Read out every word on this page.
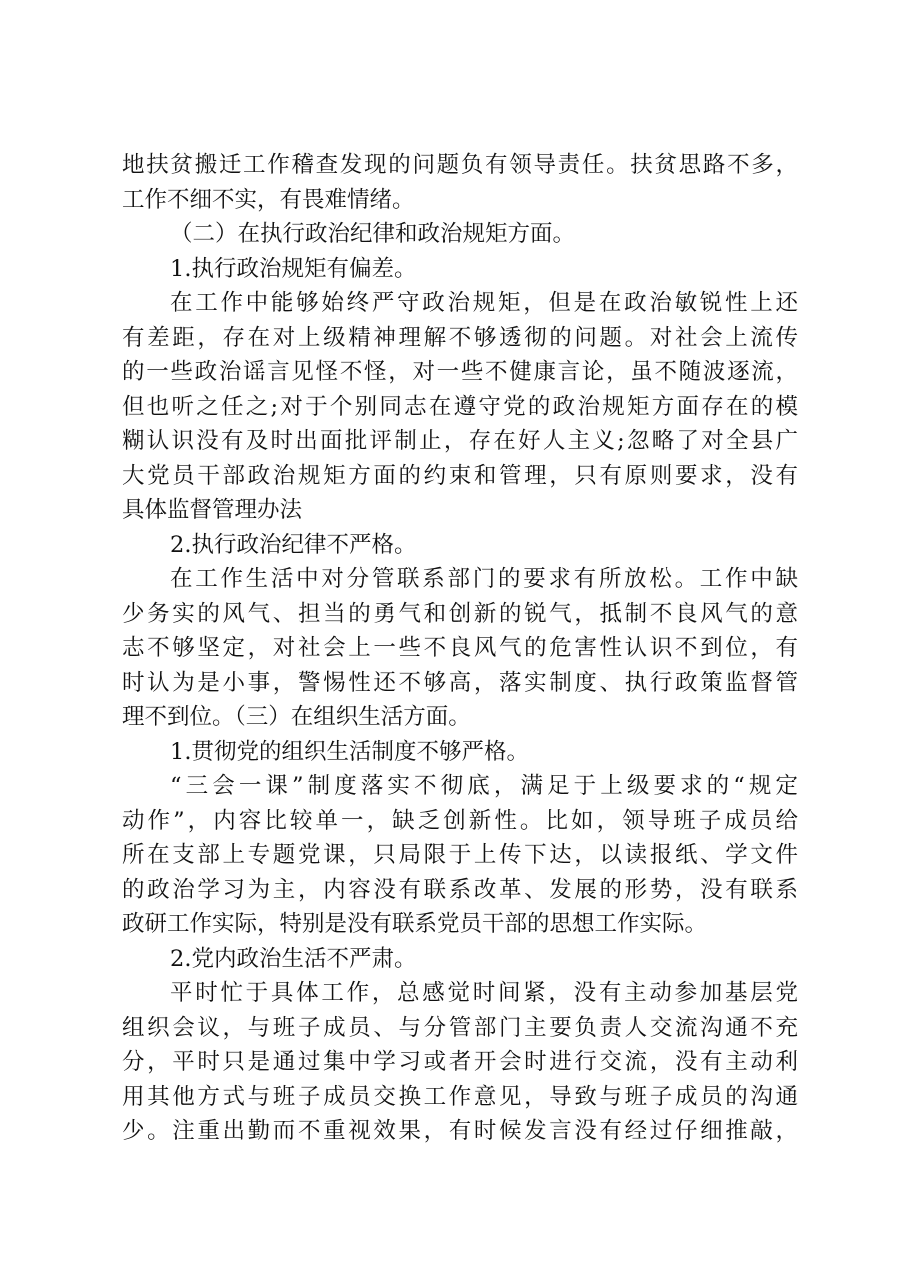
地扶贫搬迁工作稽查发现的问题负有领导责任。扶贫思路不多，
工作不细不实，有畏难情绪。
（二）在执行政治纪律和政治规矩方面。
1.执行政治规矩有偏差。
在工作中能够始终严守政治规矩，但是在政治敏锐性上还
有差距，存在对上级精神理解不够透彻的问题。对社会上流传
的一些政治谣言见怪不怪，对一些不健康言论，虽不随波逐流，
但也听之任之;对于个别同志在遵守党的政治规矩方面存在的模
糊认识没有及时出面批评制止，存在好人主义;忽略了对全县广
大党员干部政治规矩方面的约束和管理，只有原则要求，没有
具体监督管理办法
2.执行政治纪律不严格。
在工作生活中对分管联系部门的要求有所放松。工作中缺
少务实的风气、担当的勇气和创新的锐气，抵制不良风气的意
志不够坚定，对社会上一些不良风气的危害性认识不到位，有
时认为是小事，警惕性还不够高，落实制度、执行政策监督管
理不到位。（三）在组织生活方面。
1.贯彻党的组织生活制度不够严格。
“三会一课”制度落实不彻底，满足于上级要求的“规定
动作”，内容比较单一，缺乏创新性。比如，领导班子成员给
所在支部上专题党课，只局限于上传下达，以读报纸、学文件
的政治学习为主，内容没有联系改革、发展的形势，没有联系
政研工作实际，特别是没有联系党员干部的思想工作实际。
2.党内政治生活不严肃。
平时忙于具体工作，总感觉时间紧，没有主动参加基层党
组织会议，与班子成员、与分管部门主要负责人交流沟通不充
分，平时只是通过集中学习或者开会时进行交流，没有主动利
用其他方式与班子成员交换工作意见，导致与班子成员的沟通
少。注重出勤而不重视效果，有时候发言没有经过仔细推敲，
